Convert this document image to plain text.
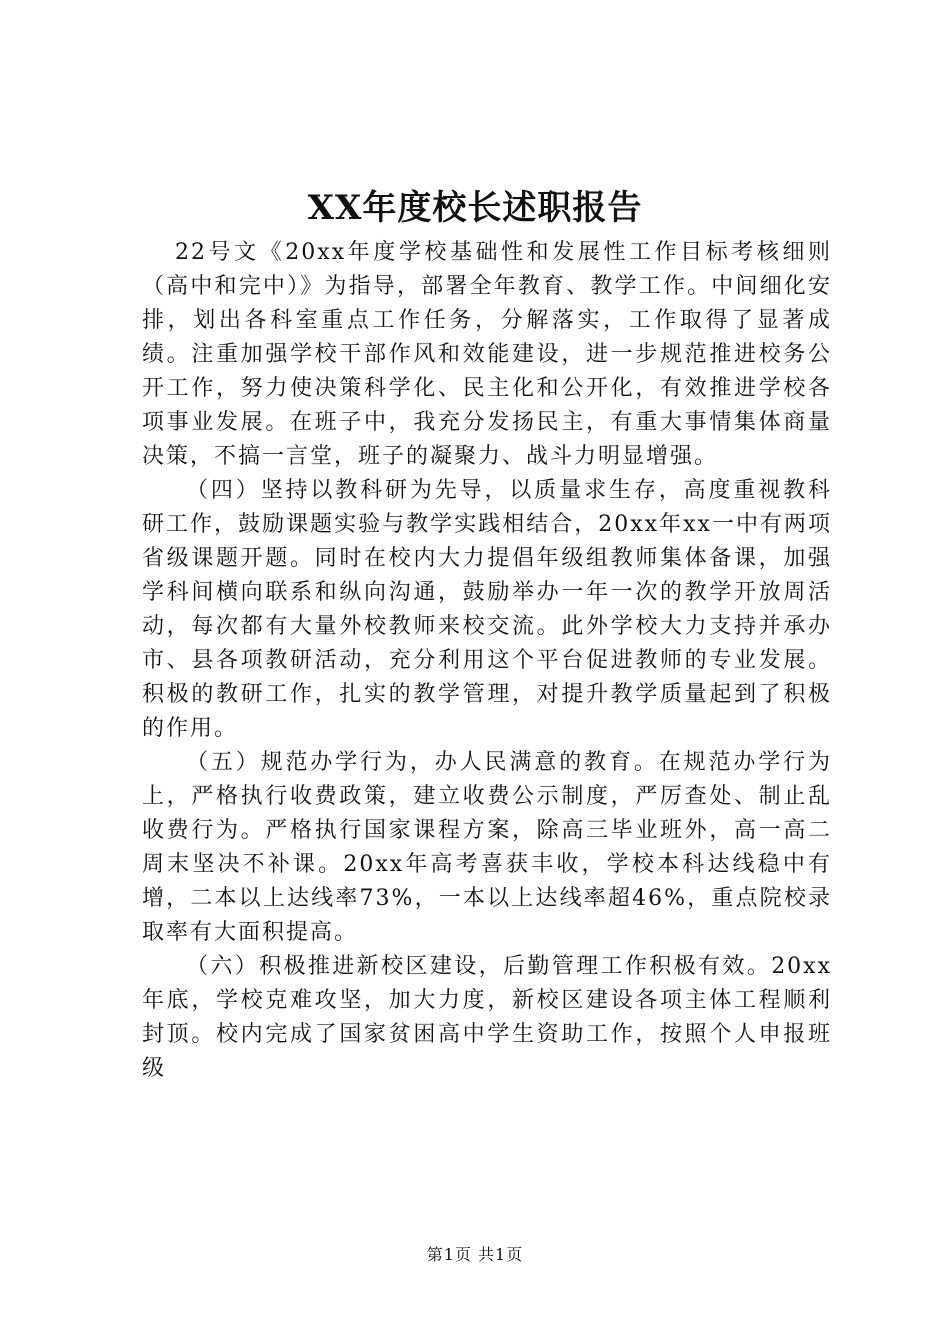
XX年度校长述职报告

22号文《20xx年度学校基础性和发展性工作目标考核细则（高中和完中）》为指导，部署全年教育、教学工作。中间细化安排，划出各科室重点工作任务，分解落实，工作取得了显著成绩。注重加强学校干部作风和效能建设，进一步规范推进校务公开工作，努力使决策科学化、民主化和公开化，有效推进学校各项事业发展。在班子中，我充分发扬民主，有重大事情集体商量决策，不搞一言堂，班子的凝聚力、战斗力明显增强。

（四）坚持以教科研为先导，以质量求生存，高度重视教科研工作，鼓励课题实验与教学实践相结合，20xx年xx一中有两项省级课题开题。同时在校内大力提倡年级组教师集体备课，加强学科间横向联系和纵向沟通，鼓励举办一年一次的教学开放周活动，每次都有大量外校教师来校交流。此外学校大力支持并承办市、县各项教研活动，充分利用这个平台促进教师的专业发展。积极的教研工作，扎实的教学管理，对提升教学质量起到了积极的作用。

（五）规范办学行为，办人民满意的教育。在规范办学行为上，严格执行收费政策，建立收费公示制度，严厉查处、制止乱收费行为。严格执行国家课程方案，除高三毕业班外，高一高二周末坚决不补课。20xx年高考喜获丰收，学校本科达线稳中有增，二本以上达线率73%，一本以上达线率超46%，重点院校录取率有大面积提高。

（六）积极推进新校区建设，后勤管理工作积极有效。20xx年底，学校克难攻坚，加大力度，新校区建设各项主体工程顺利封顶。校内完成了国家贫困高中学生资助工作，按照个人申报班级

第1页 共1页
